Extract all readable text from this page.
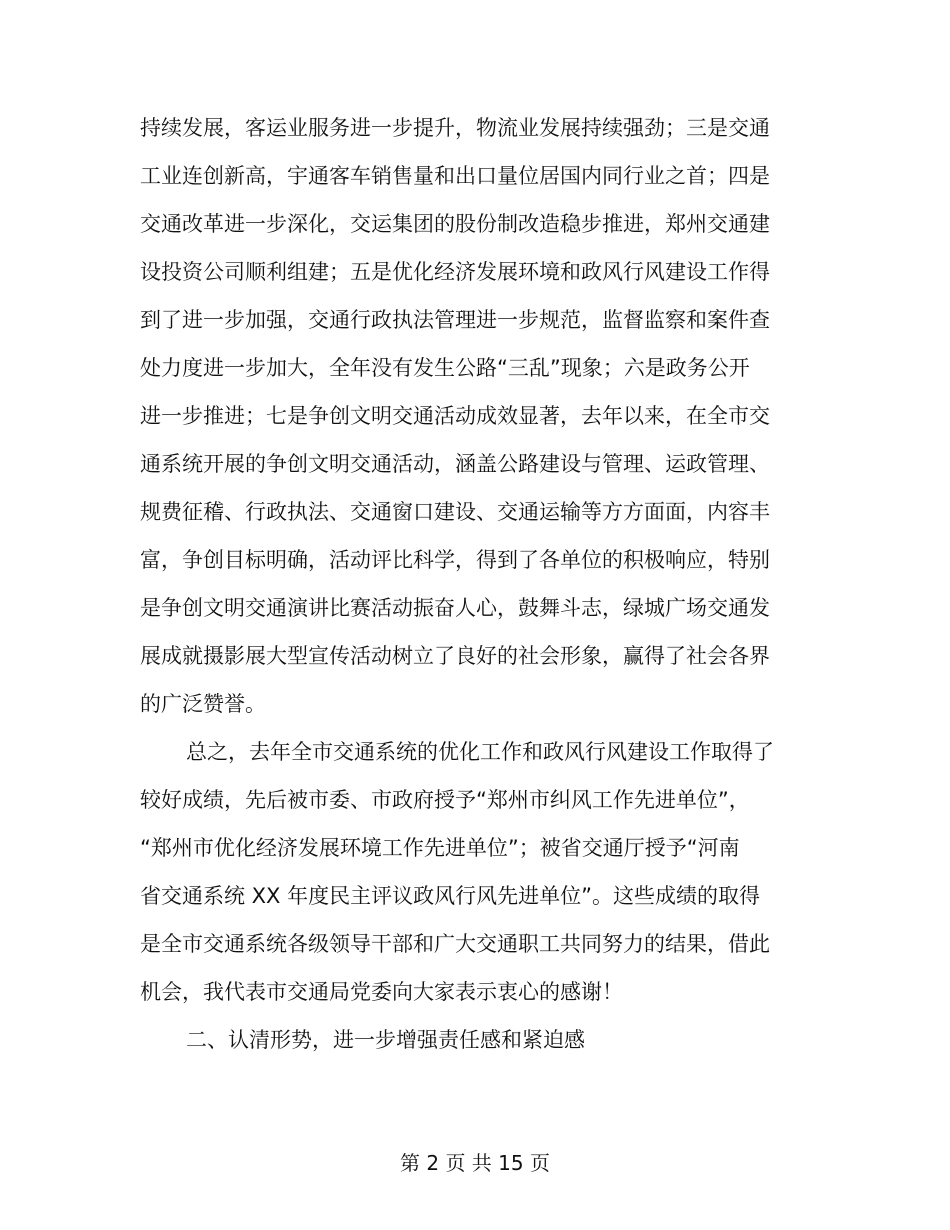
持续发展，客运业服务进一步提升，物流业发展持续强劲；三是交通
工业连创新高，宇通客车销售量和出口量位居国内同行业之首；四是
交通改革进一步深化，交运集团的股份制改造稳步推进，郑州交通建
设投资公司顺利组建；五是优化经济发展环境和政风行风建设工作得
到了进一步加强，交通行政执法管理进一步规范，监督监察和案件查
处力度进一步加大，全年没有发生公路“三乱”现象；六是政务公开
进一步推进；七是争创文明交通活动成效显著，去年以来，在全市交
通系统开展的争创文明交通活动，涵盖公路建设与管理、运政管理、
规费征稽、行政执法、交通窗口建设、交通运输等方方面面，内容丰
富，争创目标明确，活动评比科学，得到了各单位的积极响应，特别
是争创文明交通演讲比赛活动振奋人心，鼓舞斗志，绿城广场交通发
展成就摄影展大型宣传活动树立了良好的社会形象，赢得了社会各界
的广泛赞誉。
总之，去年全市交通系统的优化工作和政风行风建设工作取得了
较好成绩，先后被市委、市政府授予“郑州市纠风工作先进单位”，
“郑州市优化经济发展环境工作先进单位”；被省交通厅授予“河南
省交通系统 XX 年度民主评议政风行风先进单位”。这些成绩的取得
是全市交通系统各级领导干部和广大交通职工共同努力的结果，借此
机会，我代表市交通局党委向大家表示衷心的感谢！
二、认清形势，进一步增强责任感和紧迫感
第 2 页 共 15 页
